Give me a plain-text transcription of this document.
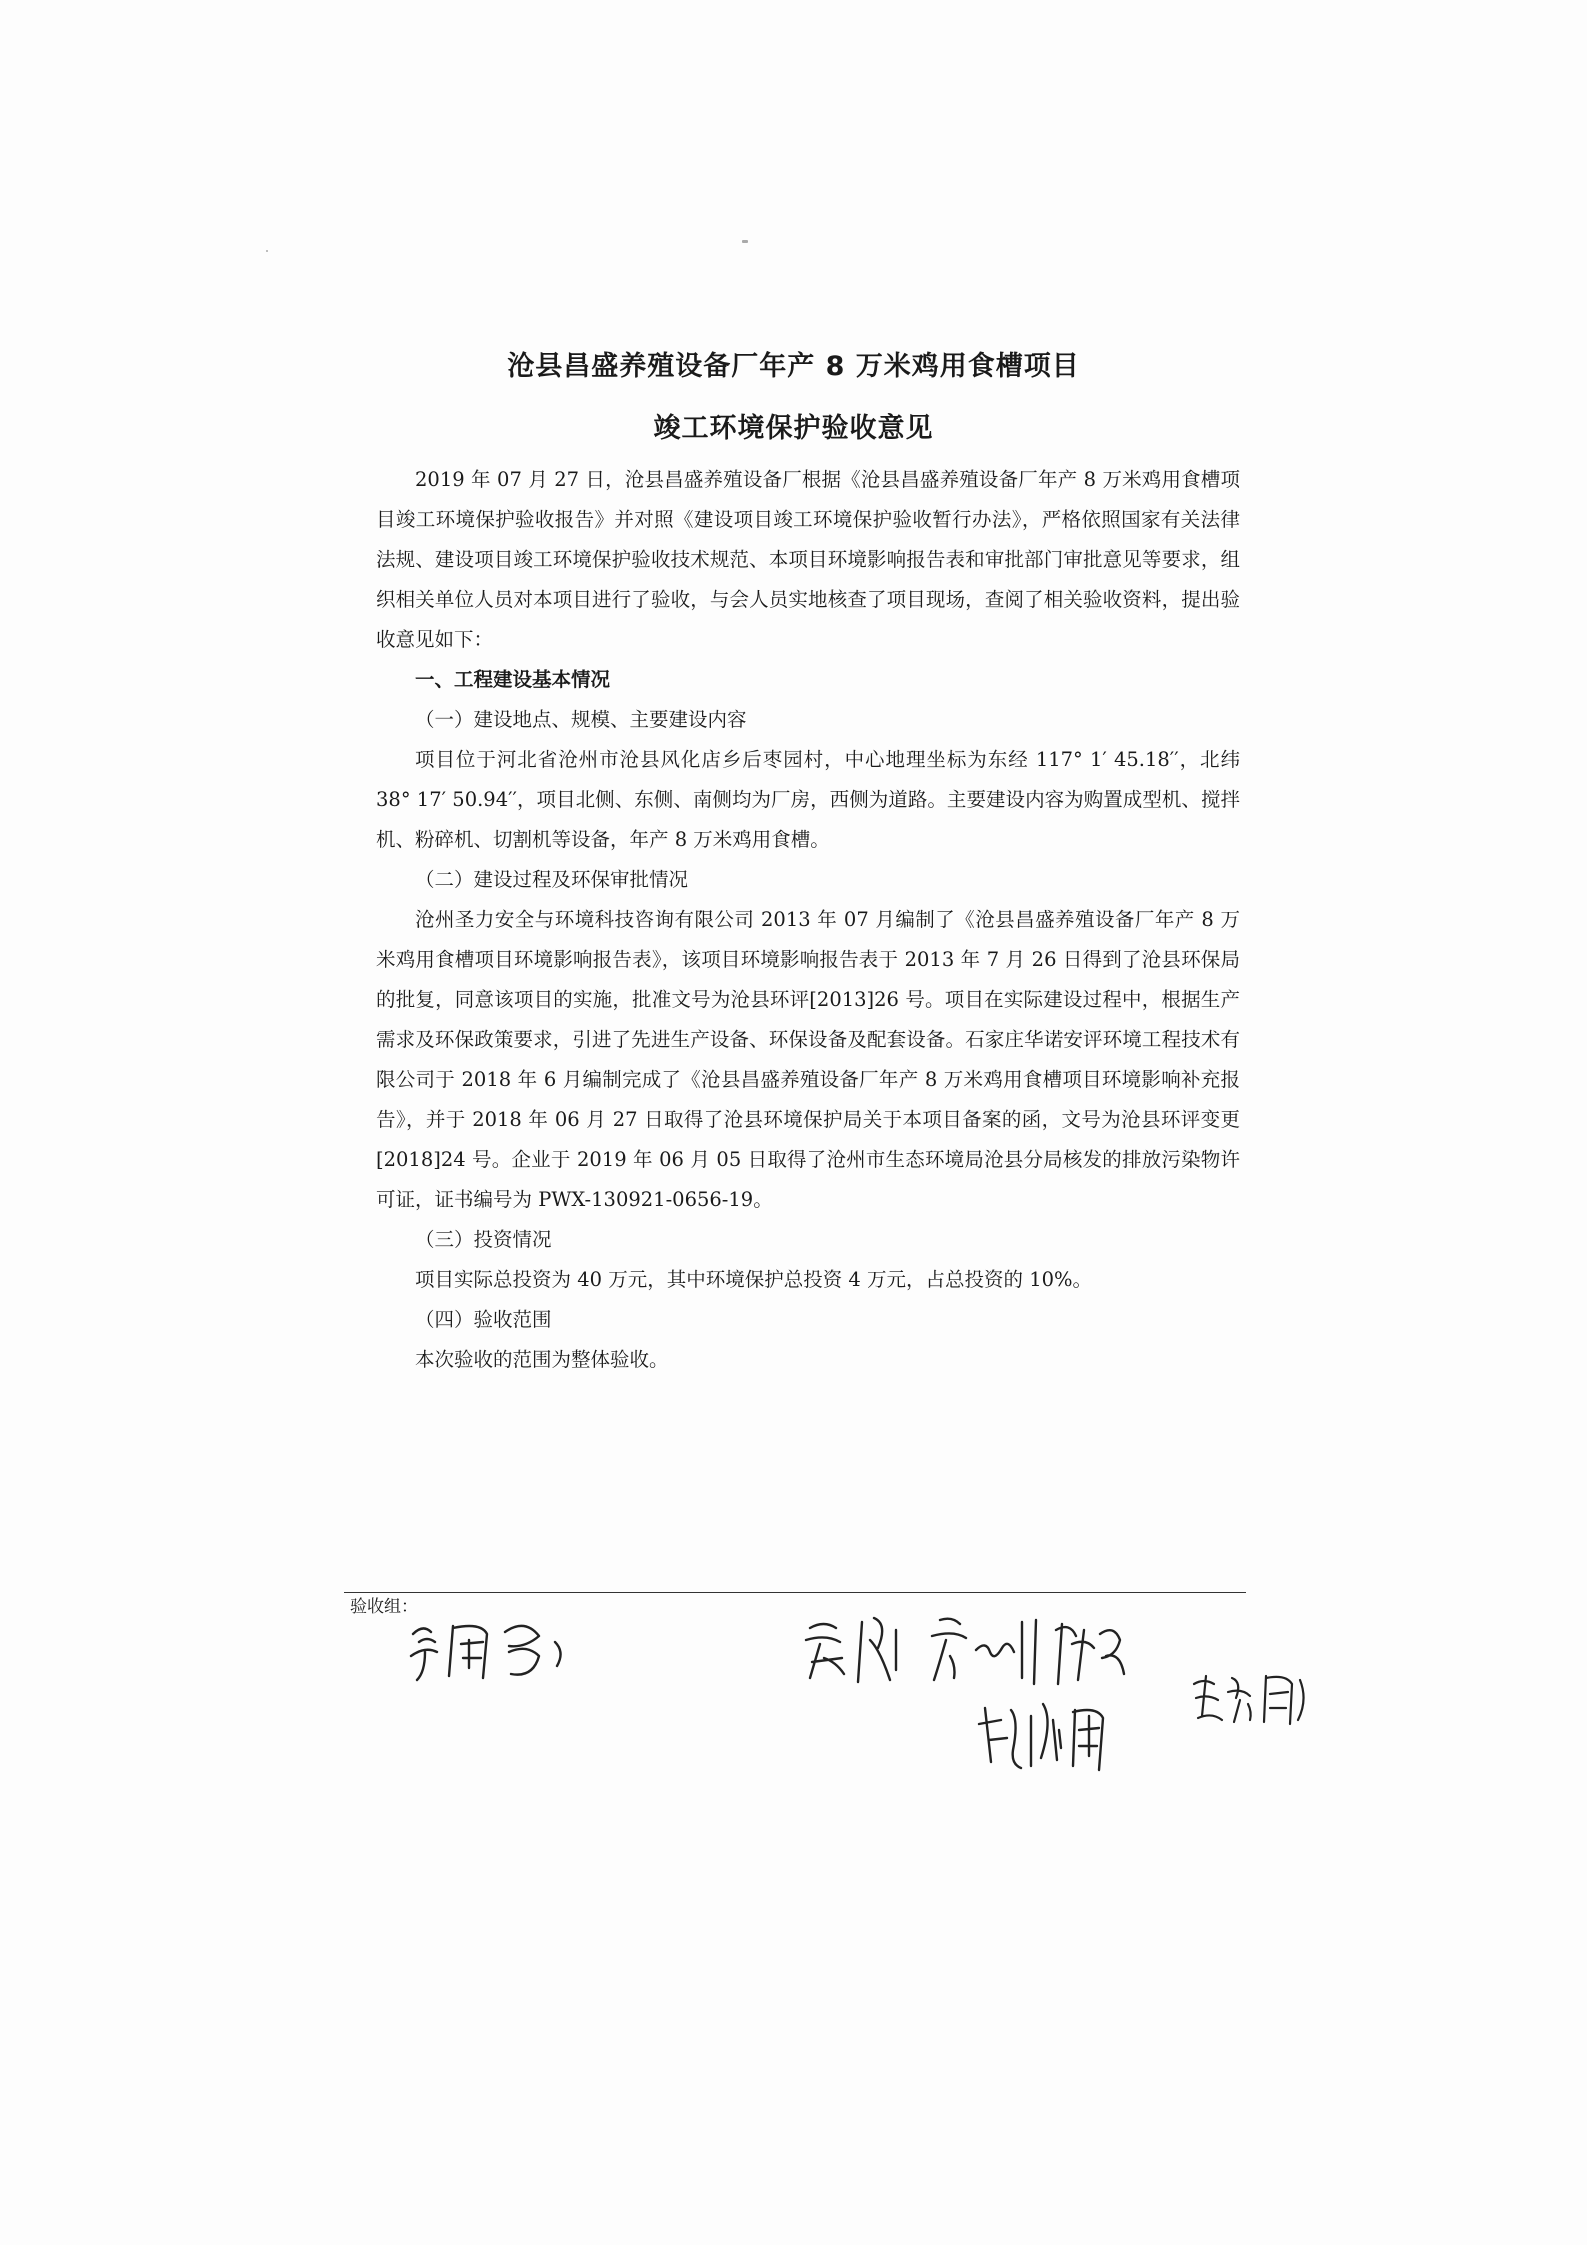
沧县昌盛养殖设备厂年产 8 万米鸡用食槽项目
竣工环境保护验收意见

2019 年 07 月 27 日，沧县昌盛养殖设备厂根据《沧县昌盛养殖设备厂年产 8 万米鸡用食槽项目竣工环境保护验收报告》并对照《建设项目竣工环境保护验收暂行办法》，严格依照国家有关法律法规、建设项目竣工环境保护验收技术规范、本项目环境影响报告表和审批部门审批意见等要求，组织相关单位人员对本项目进行了验收，与会人员实地核查了项目现场，查阅了相关验收资料，提出验收意见如下：

一、工程建设基本情况

（一）建设地点、规模、主要建设内容

项目位于河北省沧州市沧县风化店乡后枣园村，中心地理坐标为东经 117° 1′ 45.18′′，北纬 38° 17′ 50.94′′，项目北侧、东侧、南侧均为厂房，西侧为道路。主要建设内容为购置成型机、搅拌机、粉碎机、切割机等设备，年产 8 万米鸡用食槽。

（二）建设过程及环保审批情况

沧州圣力安全与环境科技咨询有限公司 2013 年 07 月编制了《沧县昌盛养殖设备厂年产 8 万米鸡用食槽项目环境影响报告表》，该项目环境影响报告表于 2013 年 7 月 26 日得到了沧县环保局的批复，同意该项目的实施，批准文号为沧县环评[2013]26 号。项目在实际建设过程中，根据生产需求及环保政策要求，引进了先进生产设备、环保设备及配套设备。石家庄华诺安评环境工程技术有限公司于 2018 年 6 月编制完成了《沧县昌盛养殖设备厂年产 8 万米鸡用食槽项目环境影响补充报告》，并于 2018 年 06 月 27 日取得了沧县环境保护局关于本项目备案的函，文号为沧县环评变更 [2018]24 号。企业于 2019 年 06 月 05 日取得了沧州市生态环境局沧县分局核发的排放污染物许可证，证书编号为 PWX-130921-0656-19。

（三）投资情况

项目实际总投资为 40 万元，其中环境保护总投资 4 万元，占总投资的 10%。

（四）验收范围

本次验收的范围为整体验收。

验收组：
